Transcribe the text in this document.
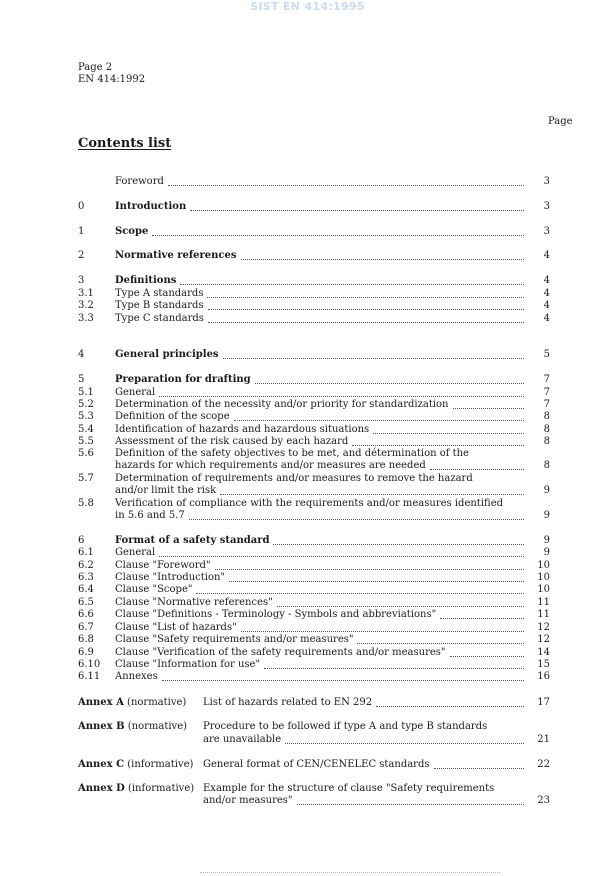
SIST EN 414:1995
Page 2
EN 414:1992
Page
Contents list
Foreword	3
0	Introduction	3
1	Scope	3
2	Normative references	4
3	Definitions	4
3.1	Type A standards	4
3.2	Type B standards	4
3.3	Type C standards	4
4	General principles	5
5	Preparation for drafting	7
5.1	General	7
5.2	Determination of the necessity and/or priority for standardization	7
5.3	Definition of the scope	8
5.4	Identification of hazards and hazardous situations	8
5.5	Assessment of the risk caused by each hazard	8
5.6	Definition of the safety objectives to be met, and détermination of the
hazards for which requirements and/or measures are needed	8
5.7	Determination of requirements and/or measures to remove the hazard
and/or limit the risk	9
5.8	Verification of compliance with the requirements and/or measures identified
in 5.6 and 5.7	9
6	Format of a safety standard	9
6.1	General	9
6.2	Clause "Foreword"	10
6.3	Clause "Introduction"	10
6.4	Clause "Scope"	10
6.5	Clause "Normative references"	11
6.6	Clause "Definitions - Terminology - Symbols and abbreviations"	11
6.7	Clause "List of hazards"	12
6.8	Clause "Safety requirements and/or measures"	12
6.9	Clause "Verification of the safety requirements and/or measures"	14
6.10	Clause "Information for use"	15
6.11	Annexes	16
Annex A (normative)	List of hazards related to EN 292	17
Annex B (normative)	Procedure to be followed if type A and type B standards
are unavailable	21
Annex C (informative) General format of CEN/CENELEC standards	22
Annex D (informative) Example for the structure of clause "Safety requirements
and/or measures"	23
